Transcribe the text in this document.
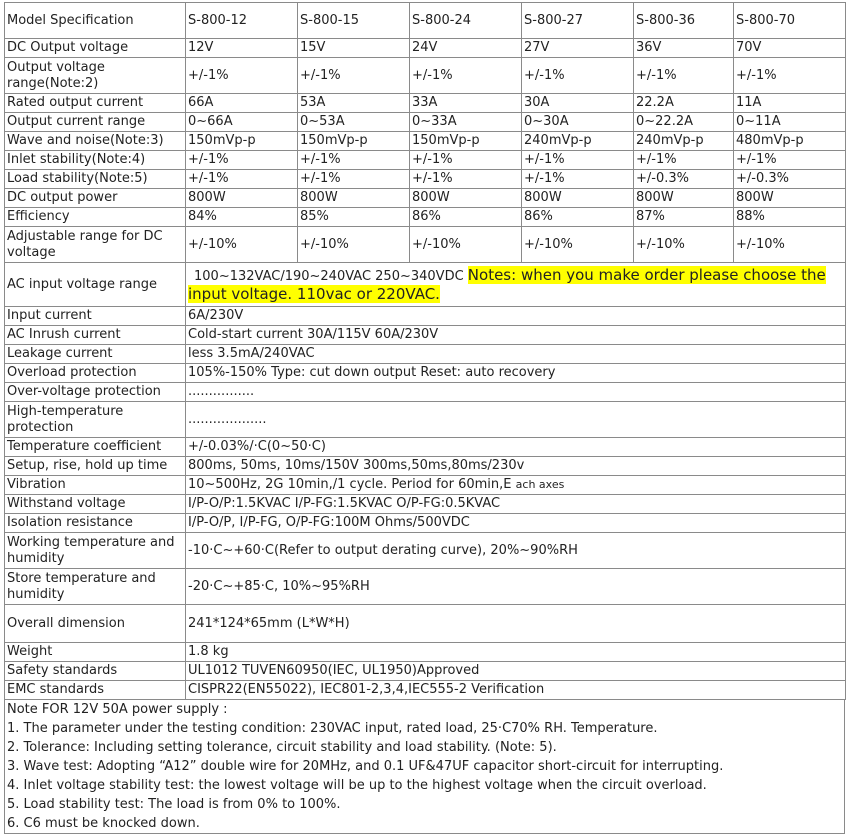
Model Specification	S-800-12	S-800-15	S-800-24	S-800-27	S-800-36	S-800-70
DC Output voltage	12V	15V	24V	27V	36V	70V
Output voltage range(Note:2)	+/-1%	+/-1%	+/-1%	+/-1%	+/-1%	+/-1%
Rated output current	66A	53A	33A	30A	22.2A	11A
Output current range	0~66A	0~53A	0~33A	0~30A	0~22.2A	0~11A
Wave and noise(Note:3)	150mVp-p	150mVp-p	150mVp-p	240mVp-p	240mVp-p	480mVp-p
Inlet stability(Note:4)	+/-1%	+/-1%	+/-1%	+/-1%	+/-1%	+/-1%
Load stability(Note:5)	+/-1%	+/-1%	+/-1%	+/-1%	+/-0.3%	+/-0.3%
DC output power	800W	800W	800W	800W	800W	800W
Efficiency	84%	85%	86%	86%	87%	88%
Adjustable range for DC voltage	+/-10%	+/-10%	+/-10%	+/-10%	+/-10%	+/-10%
AC input voltage range	100~132VAC/190~240VAC 250~340VDC Notes: when you make order please choose the
input voltage. 110vac or 220VAC.					
Input current	6A/230V					
AC Inrush current	Cold-start current 30A/115V 60A/230V					
Leakage current	less 3.5mA/240VAC					
Overload protection	105%-150% Type: cut down output Reset: auto recovery					
Over-voltage protection	................					
High-temperature protection	...................					
Temperature coefficient	+/-0.03%/·C(0~50·C)					
Setup, rise, hold up time	800ms, 50ms, 10ms/150V 300ms,50ms,80ms/230v					
Vibration	10~500Hz, 2G 10min,/1 cycle. Period for 60min,E ach axes					
Withstand voltage	I/P-O/P:1.5KVAC I/P-FG:1.5KVAC O/P-FG:0.5KVAC					
Isolation resistance	I/P-O/P, I/P-FG, O/P-FG:100M Ohms/500VDC					
Working temperature and humidity	-10·C~+60·C(Refer to output derating curve), 20%~90%RH					
Store temperature and humidity	-20·C~+85·C, 10%~95%RH					
Overall dimension	241*124*65mm (L*W*H)					
Weight	1.8 kg					
Safety standards	UL1012 TUVEN60950(IEC, UL1950)Approved					
EMC standards	CISPR22(EN55022), IEC801-2,3,4,IEC555-2 Verification					
Note FOR 12V 50A power supply :
1. The parameter under the testing condition: 230VAC input, rated load, 25·C70% RH. Temperature.
2. Tolerance: Including setting tolerance, circuit stability and load stability. (Note: 5).
3. Wave test: Adopting “A12” double wire for 20MHz, and 0.1 UF&47UF capacitor short-circuit for interrupting.
4. Inlet voltage stability test: the lowest voltage will be up to the highest voltage when the circuit overload.
5. Load stability test: The load is from 0% to 100%.
6. C6 must be knocked down.
